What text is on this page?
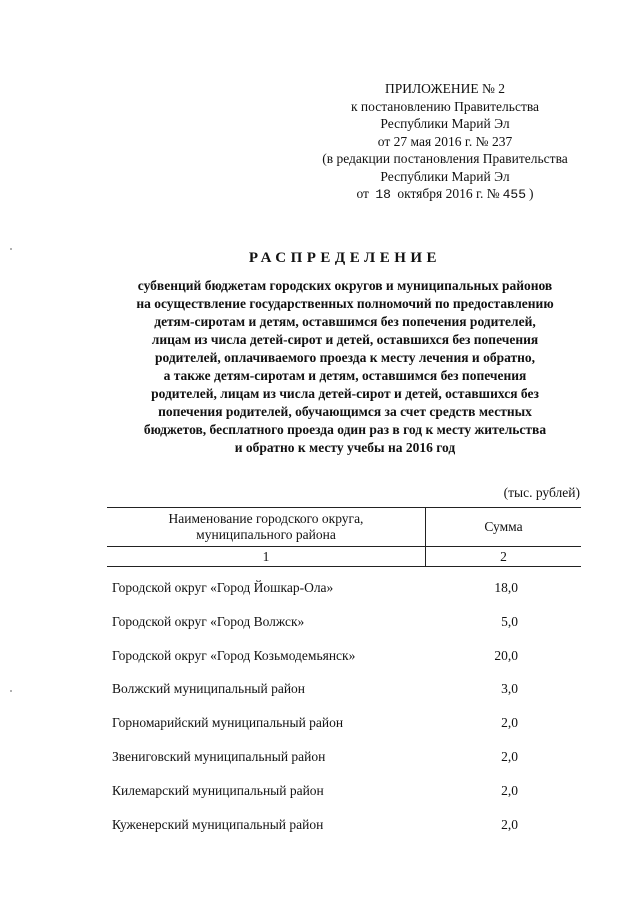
ПРИЛОЖЕНИЕ № 2
к постановлению Правительства
Республики Марий Эл
от 27 мая 2016 г. № 237
(в редакции постановления Правительства
Республики Марий Эл
от 18 октября 2016 г. № 455 )
РАСПРЕДЕЛЕНИЕ
субвенций бюджетам городских округов и муниципальных районов
на осуществление государственных полномочий по предоставлению
детям-сиротам и детям, оставшимся без попечения родителей,
лицам из числа детей-сирот и детей, оставшихся без попечения
родителей, оплачиваемого проезда к месту лечения и обратно,
а также детям-сиротам и детям, оставшимся без попечения
родителей, лицам из числа детей-сирот и детей, оставшихся без
попечения родителей, обучающимся за счет средств местных
бюджетов, бесплатного проезда один раз в год к месту жительства
и обратно к месту учебы на 2016 год
(тыс. рублей)
Наименование городского округа,
муниципального района	Сумма
1	2
Городской округ «Город Йошкар-Ола»	18,0
Городской округ «Город Волжск»	5,0
Городской округ «Город Козьмодемьянск»	20,0
Волжский муниципальный район	3,0
Горномарийский муниципальный район	2,0
Звениговский муниципальный район	2,0
Килемарский муниципальный район	2,0
Куженерский муниципальный район	2,0
